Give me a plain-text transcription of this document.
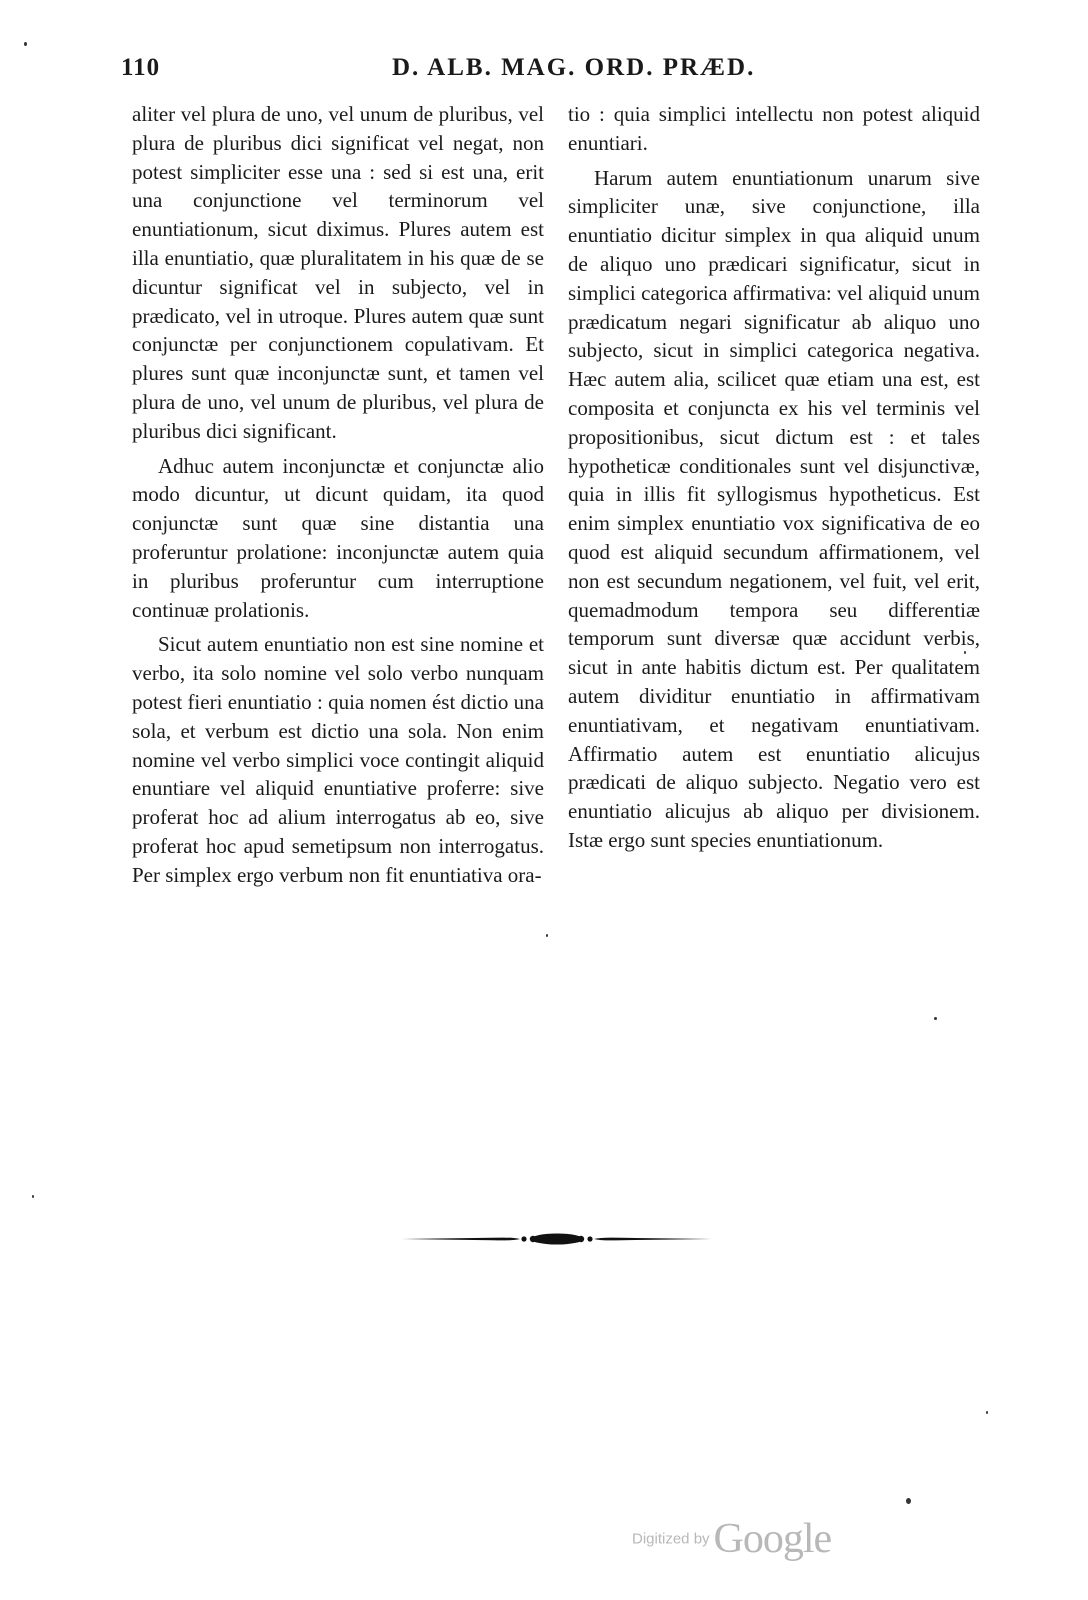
110	D. ALB. MAG. ORD. PRÆD.

aliter vel plura de uno, vel unum de pluribus, vel plura de pluribus dici significat vel negat, non potest simpliciter esse una : sed si est una, erit una conjunctione vel terminorum vel enuntiationum, sicut diximus. Plures autem est illa enuntiatio, quæ pluralitatem in his quæ de se dicuntur significat vel in subjecto, vel in prædicato, vel in utroque. Plures autem quæ sunt conjunctæ per conjunctionem copulativam. Et plures sunt quæ inconjunctæ sunt, et tamen vel plura de uno, vel unum de pluribus, vel plura de pluribus dici significant.

Adhuc autem inconjunctæ et conjunctæ alio modo dicuntur, ut dicunt quidam, ita quod conjunctæ sunt quæ sine distantia una proferuntur prolatione: inconjunctæ autem quia in pluribus proferuntur cum interruptione continuæ prolationis.

Sicut autem enuntiatio non est sine nomine et verbo, ita solo nomine vel solo verbo nunquam potest fieri enuntiatio : quia nomen ést dictio una sola, et verbum est dictio una sola. Non enim nomine vel verbo simplici voce contingit aliquid enuntiare vel aliquid enuntiative proferre: sive proferat hoc ad alium interrogatus ab eo, sive proferat hoc apud semetipsum non interrogatus. Per simplex ergo verbum non fit enuntiativa ora-

tio : quia simplici intellectu non potest aliquid enuntiari.

Harum autem enuntiationum unarum sive simpliciter unæ, sive conjunctione, illa enuntiatio dicitur simplex in qua aliquid unum de aliquo uno prædicari significatur, sicut in simplici categorica affirmativa: vel aliquid unum prædicatum negari significatur ab aliquo uno subjecto, sicut in simplici categorica negativa. Hæc autem alia, scilicet quæ etiam una est, est composita et conjuncta ex his vel terminis vel propositionibus, sicut dictum est : et tales hypotheticæ conditionales sunt vel disjunctivæ, quia in illis fit syllogismus hypotheticus. Est enim simplex enuntiatio vox significativa de eo quod est aliquid secundum affirmationem, vel non est secundum negationem, vel fuit, vel erit, quemadmodum tempora seu differentiæ temporum sunt diversæ quæ accidunt verbis, sicut in ante habitis dictum est. Per qualitatem autem dividitur enuntiatio in affirmativam enuntiativam, et negativam enuntiativam. Affirmatio autem est enuntiatio alicujus prædicati de aliquo subjecto. Negatio vero est enuntiatio alicujus ab aliquo per divisionem. Istæ ergo sunt species enuntiationum.

Digitized by Google
